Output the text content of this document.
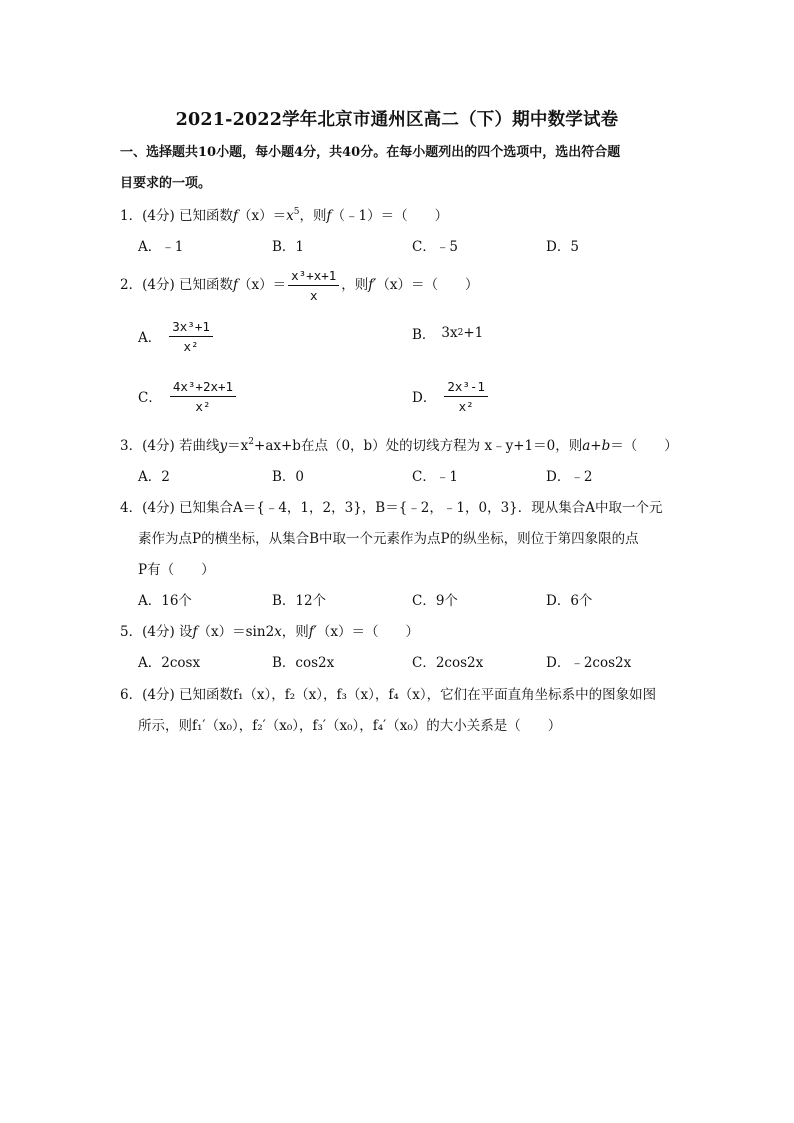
2021-2022学年北京市通州区高二（下）期中数学试卷
一、选择题共10小题，每小题4分，共40分。在每小题列出的四个选项中，选出符合题
目要求的一项。
1．(4分) 已知函数$f(x)=x^5$，则f（﹣1）＝（　　）
A．﹣1	B．1	C．﹣5	D．5
2．(4分) 已知函数 f $(x)= \frac{\text{x³+x+1}}{x}$ ，则 f′ （x）＝（　　）
A． $\frac{\text{3x³+1}}{\text{x²}}$	B． 3x 2 +1
C． $\frac{\text{4x³+2x+1}}{\text{x²}}$	D． $\frac{\text{2x³-1}}{\text{x²}}$
3．(4分) 若曲线$y=x^2+ax+b$在点（0，b）处的切线方程为 x﹣y+1＝0，则a+b＝（　　）
A．2	B．0	C．﹣1	D．﹣2
4．(4分) 已知集合A＝{﹣4，1，2，3}，B＝{﹣2，﹣1，0，3}．现从集合A中取一个元
素作为点P的横坐标，从集合B中取一个元素作为点P的纵坐标，则位于第四象限的点
P有（　　）
A．16个	B．12个	C．9个	D．6个
5．(4分) 设f（x）＝sin2x，则f′（x）＝（　　）
A．2cosx	B．cos2x	C．2cos2x	D．﹣2cos2x
6．(4分) 已知函数f₁（x），f₂（x），f₃（x），f₄（x），它们在平面直角坐标系中的图象如图
所示，则f₁′（x₀），f₂′（x₀），f₃′（x₀），f₄′（x₀）的大小关系是（　　）
